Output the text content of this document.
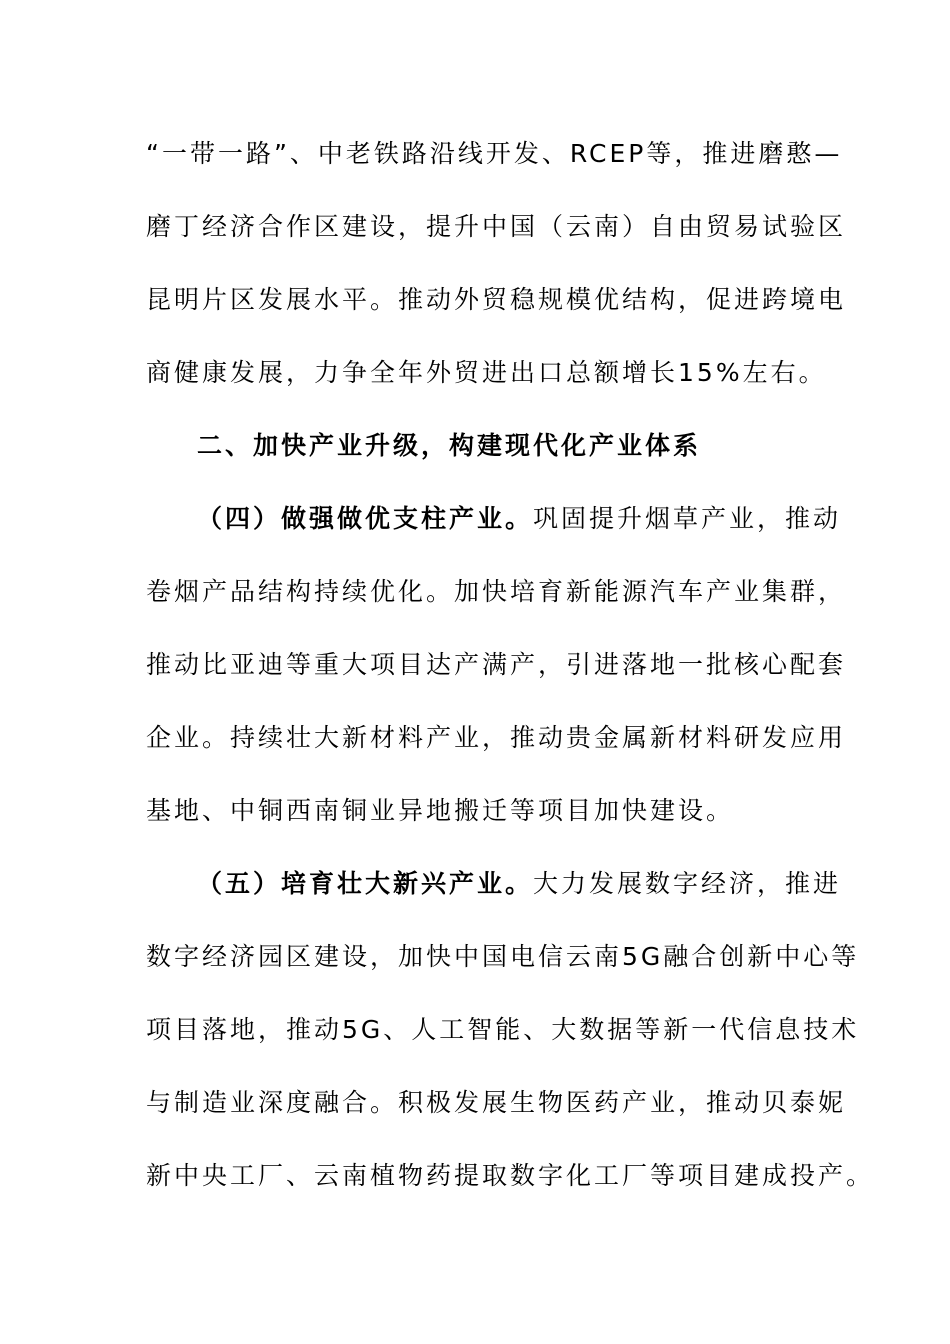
“一带一路”、中老铁路沿线开发、RCEP等，推进磨憨—
磨丁经济合作区建设，提升中国（云南）自由贸易试验区
昆明片区发展水平。推动外贸稳规模优结构，促进跨境电
商健康发展，力争全年外贸进出口总额增长15%左右。
二、加快产业升级，构建现代化产业体系
（四）做强做优支柱产业。巩固提升烟草产业，推动
卷烟产品结构持续优化。加快培育新能源汽车产业集群，
推动比亚迪等重大项目达产满产，引进落地一批核心配套
企业。持续壮大新材料产业，推动贵金属新材料研发应用
基地、中铜西南铜业异地搬迁等项目加快建设。
（五）培育壮大新兴产业。大力发展数字经济，推进
数字经济园区建设，加快中国电信云南5G融合创新中心等
项目落地，推动5G、人工智能、大数据等新一代信息技术
与制造业深度融合。积极发展生物医药产业，推动贝泰妮
新中央工厂、云南植物药提取数字化工厂等项目建成投产。
